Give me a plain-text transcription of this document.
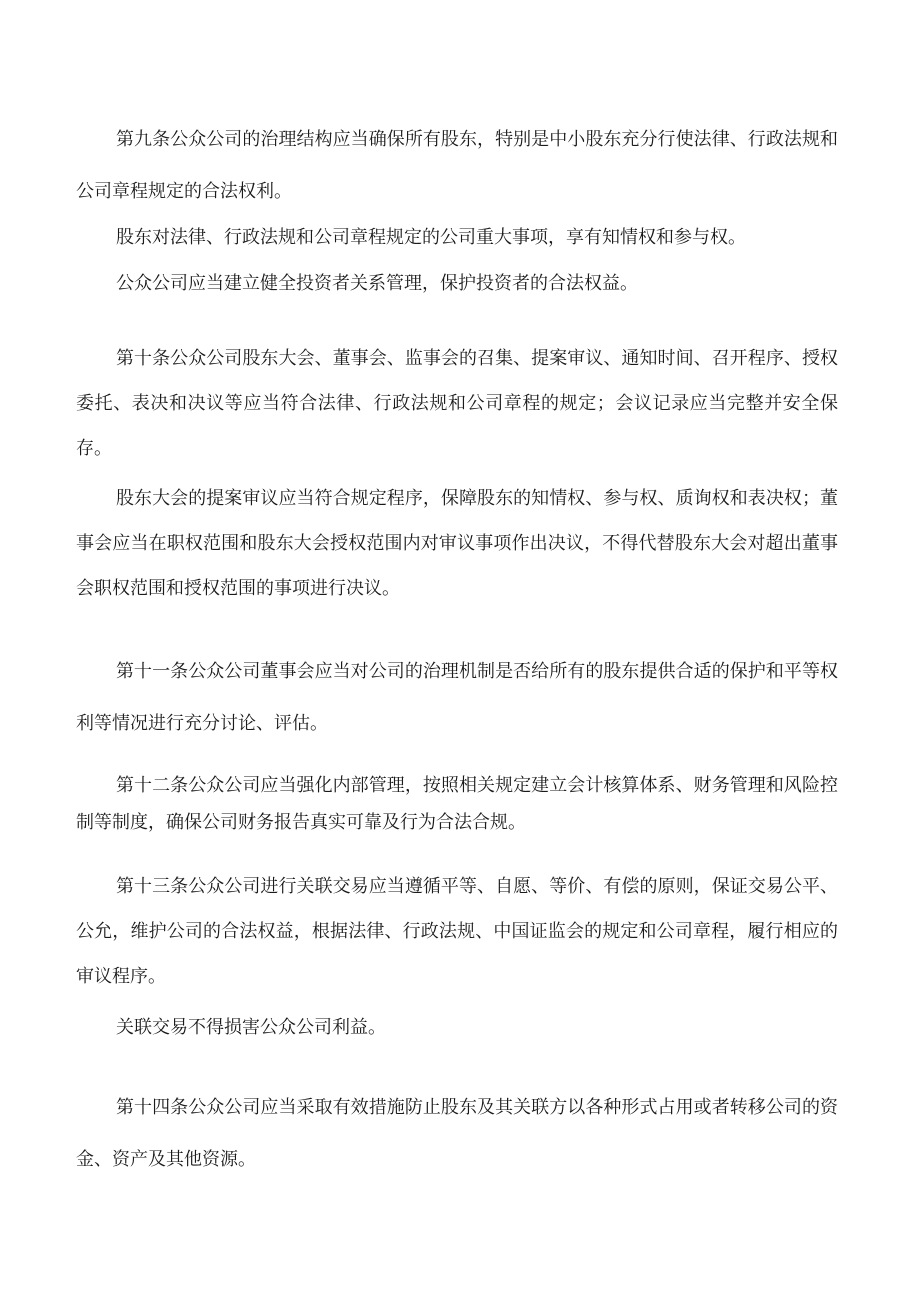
第九条公众公司的治理结构应当确保所有股东，特别是中小股东充分行使法律、行政法规和公司章程规定的合法权利。

股东对法律、行政法规和公司章程规定的公司重大事项，享有知情权和参与权。

公众公司应当建立健全投资者关系管理，保护投资者的合法权益。

第十条公众公司股东大会、董事会、监事会的召集、提案审议、通知时间、召开程序、授权委托、表决和决议等应当符合法律、行政法规和公司章程的规定；会议记录应当完整并安全保存。

股东大会的提案审议应当符合规定程序，保障股东的知情权、参与权、质询权和表决权；董事会应当在职权范围和股东大会授权范围内对审议事项作出决议，不得代替股东大会对超出董事会职权范围和授权范围的事项进行决议。

第十一条公众公司董事会应当对公司的治理机制是否给所有的股东提供合适的保护和平等权利等情况进行充分讨论、评估。

第十二条公众公司应当强化内部管理，按照相关规定建立会计核算体系、财务管理和风险控制等制度，确保公司财务报告真实可靠及行为合法合规。

第十三条公众公司进行关联交易应当遵循平等、自愿、等价、有偿的原则，保证交易公平、公允，维护公司的合法权益，根据法律、行政法规、中国证监会的规定和公司章程，履行相应的审议程序。

关联交易不得损害公众公司利益。

第十四条公众公司应当采取有效措施防止股东及其关联方以各种形式占用或者转移公司的资金、资产及其他资源。
